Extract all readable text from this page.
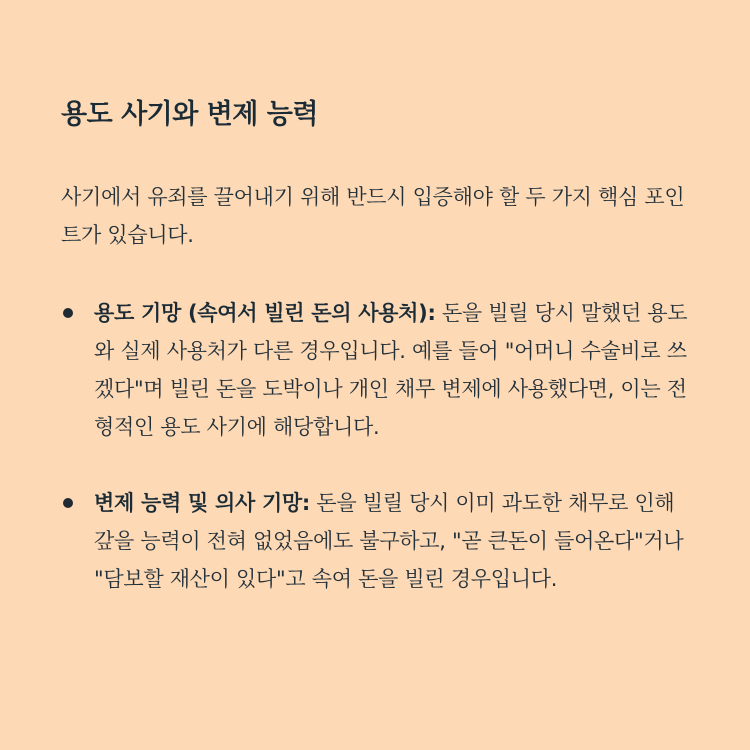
용도 사기와 변제 능력

사기에서 유죄를 끌어내기 위해 반드시 입증해야 할 두 가지 핵심 포인트가 있습니다.

용도 기망 (속여서 빌린 돈의 사용처): 돈을 빌릴 당시 말했던 용도와 실제 사용처가 다른 경우입니다. 예를 들어 "어머니 수술비로 쓰겠다"며 빌린 돈을 도박이나 개인 채무 변제에 사용했다면, 이는 전형적인 용도 사기에 해당합니다.
변제 능력 및 의사 기망: 돈을 빌릴 당시 이미 과도한 채무로 인해 갚을 능력이 전혀 없었음에도 불구하고, "곧 큰돈이 들어온다"거나 "담보할 재산이 있다"고 속여 돈을 빌린 경우입니다.
